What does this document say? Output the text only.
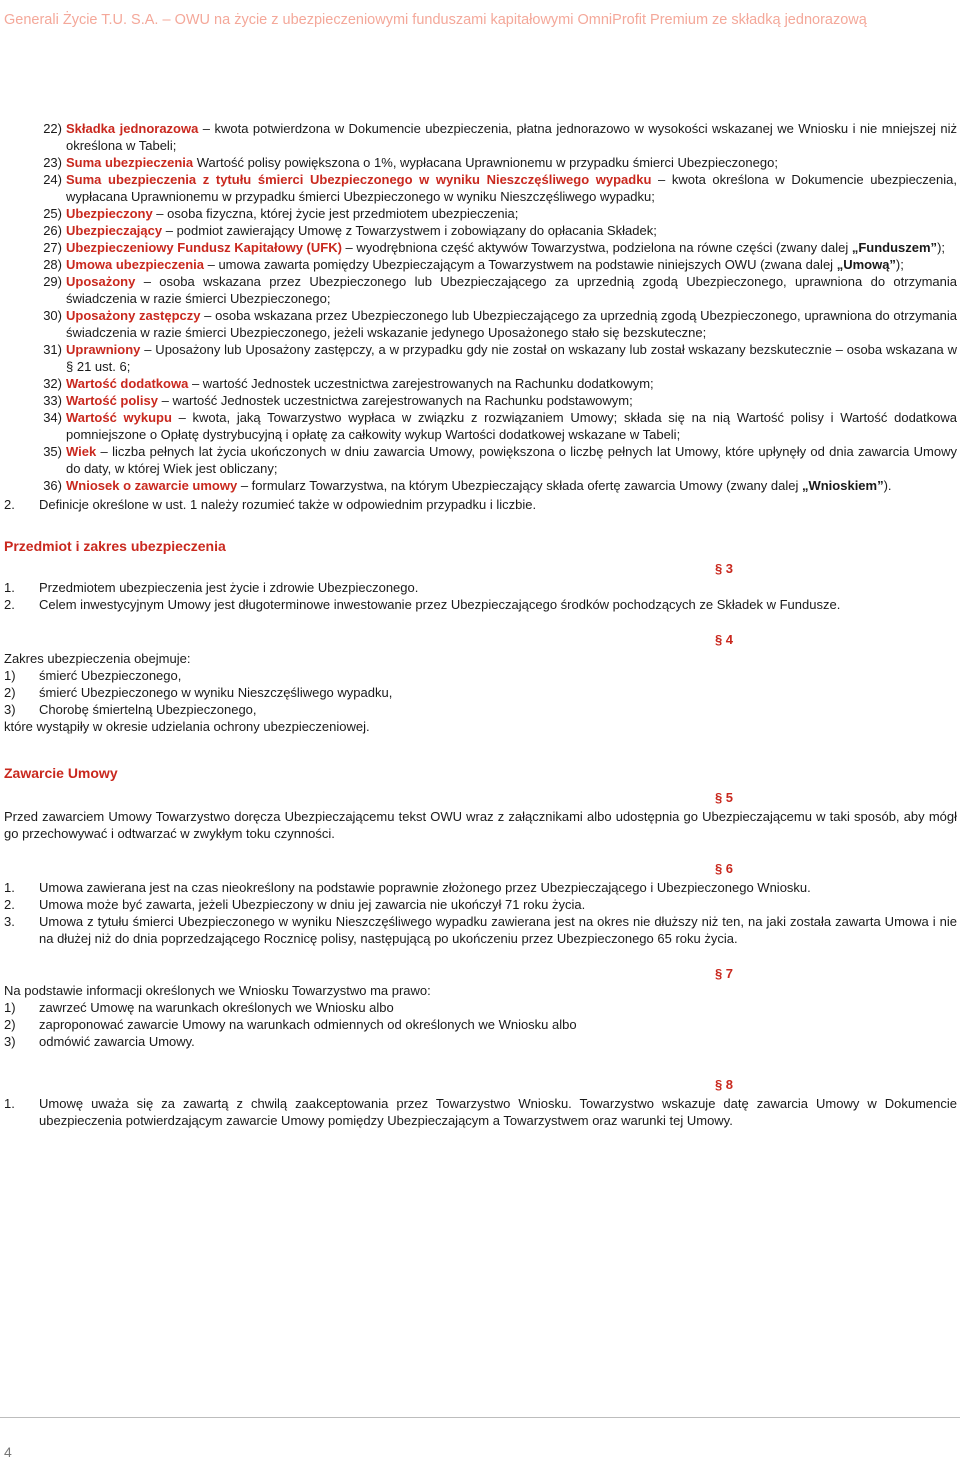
Generali Życie T.U. S.A. – OWU na życie z ubezpieczeniowymi funduszami kapitałowymi OmniProfit Premium ze składką jednorazową
22) Składka jednorazowa – kwota potwierdzona w Dokumencie ubezpieczenia, płatna jednorazowo w wysokości wskazanej we Wniosku i nie mniejszej niż określona w Tabeli;
23) Suma ubezpieczenia Wartość polisy powiększona o 1%, wypłacana Uprawnionemu w przypadku śmierci Ubezpieczonego;
24) Suma ubezpieczenia z tytułu śmierci Ubezpieczonego w wyniku Nieszczęśliwego wypadku – kwota określona w Dokumencie ubezpieczenia, wypłacana Uprawnionemu w przypadku śmierci Ubezpieczonego w wyniku Nieszczęśliwego wypadku;
25) Ubezpieczony – osoba fizyczna, której życie jest przedmiotem ubezpieczenia;
26) Ubezpieczający – podmiot zawierający Umowę z Towarzystwem i zobowiązany do opłacania Składek;
27) Ubezpieczeniowy Fundusz Kapitałowy (UFK) – wyodrębniona część aktywów Towarzystwa, podzielona na równe części (zwany dalej „Funduszem”);
28) Umowa ubezpieczenia – umowa zawarta pomiędzy Ubezpieczającym a Towarzystwem na podstawie niniejszych OWU (zwana dalej „Umową”);
29) Uposażony – osoba wskazana przez Ubezpieczonego lub Ubezpieczającego za uprzednią zgodą Ubezpieczonego, uprawniona do otrzymania świadczenia w razie śmierci Ubezpieczonego;
30) Uposażony zastępczy – osoba wskazana przez Ubezpieczonego lub Ubezpieczającego za uprzednią zgodą Ubezpieczonego, uprawniona do otrzymania świadczenia w razie śmierci Ubezpieczonego, jeżeli wskazanie jedynego Uposażonego stało się bezskuteczne;
31) Uprawniony – Uposażony lub Uposażony zastępczy, a w przypadku gdy nie został on wskazany lub został wskazany bezskutecznie – osoba wskazana w § 21 ust. 6;
32) Wartość dodatkowa – wartość Jednostek uczestnictwa zarejestrowanych na Rachunku dodatkowym;
33) Wartość polisy – wartość Jednostek uczestnictwa zarejestrowanych na Rachunku podstawowym;
34) Wartość wykupu – kwota, jaką Towarzystwo wypłaca w związku z rozwiązaniem Umowy; składa się na nią Wartość polisy i Wartość dodatkowa pomniejszone o Opłatę dystrybucyjną i opłatę za całkowity wykup Wartości dodatkowej wskazane w Tabeli;
35) Wiek – liczba pełnych lat życia ukończonych w dniu zawarcia Umowy, powiększona o liczbę pełnych lat Umowy, które upłynęły od dnia zawarcia Umowy do daty, w której Wiek jest obliczany;
36) Wniosek o zawarcie umowy – formularz Towarzystwa, na którym Ubezpieczający składa ofertę zawarcia Umowy (zwany dalej „Wnioskiem”).
2.	Definicje określone w ust. 1 należy rozumieć także w odpowiednim przypadku i liczbie.
Przedmiot i zakres ubezpieczenia
§ 3
1.	Przedmiotem ubezpieczenia jest życie i zdrowie Ubezpieczonego.
2.	Celem inwestycyjnym Umowy jest długoterminowe inwestowanie przez Ubezpieczającego środków pochodzących ze Składek w Fundusze.
§ 4
Zakres ubezpieczenia obejmuje:
1)	śmierć Ubezpieczonego,
2)	śmierć Ubezpieczonego w wyniku Nieszczęśliwego wypadku,
3)	Chorobę śmiertelną Ubezpieczonego,
które wystąpiły w okresie udzielania ochrony ubezpieczeniowej.
Zawarcie Umowy
§ 5
Przed zawarciem Umowy Towarzystwo doręcza Ubezpieczającemu tekst OWU wraz z załącznikami albo udostępnia go Ubezpieczającemu w taki sposób, aby mógł go przechowywać i odtwarzać w zwykłym toku czynności.
§ 6
1.	Umowa zawierana jest na czas nieokreślony na podstawie poprawnie złożonego przez Ubezpieczającego i Ubezpieczonego Wniosku.
2.	Umowa może być zawarta, jeżeli Ubezpieczony w dniu jej zawarcia nie ukończył 71 roku życia.
3.	Umowa z tytułu śmierci Ubezpieczonego w wyniku Nieszczęśliwego wypadku zawierana jest na okres nie dłuższy niż ten, na jaki została zawarta Umowa i nie na dłużej niż do dnia poprzedzającego Rocznicę polisy, następującą po ukończeniu przez Ubezpieczonego 65 roku życia.
§ 7
Na podstawie informacji określonych we Wniosku Towarzystwo ma prawo:
1)	zawrzeć Umowę na warunkach określonych we Wniosku albo
2)	zaproponować zawarcie Umowy na warunkach odmiennych od określonych we Wniosku albo
3)	odmówić zawarcia Umowy.
§ 8
1.	Umowę uważa się za zawartą z chwilą zaakceptowania przez Towarzystwo Wniosku. Towarzystwo wskazuje datę zawarcia Umowy w Dokumencie ubezpieczenia potwierdzającym zawarcie Umowy pomiędzy Ubezpieczającym a Towarzystwem oraz warunki tej Umowy.
4
